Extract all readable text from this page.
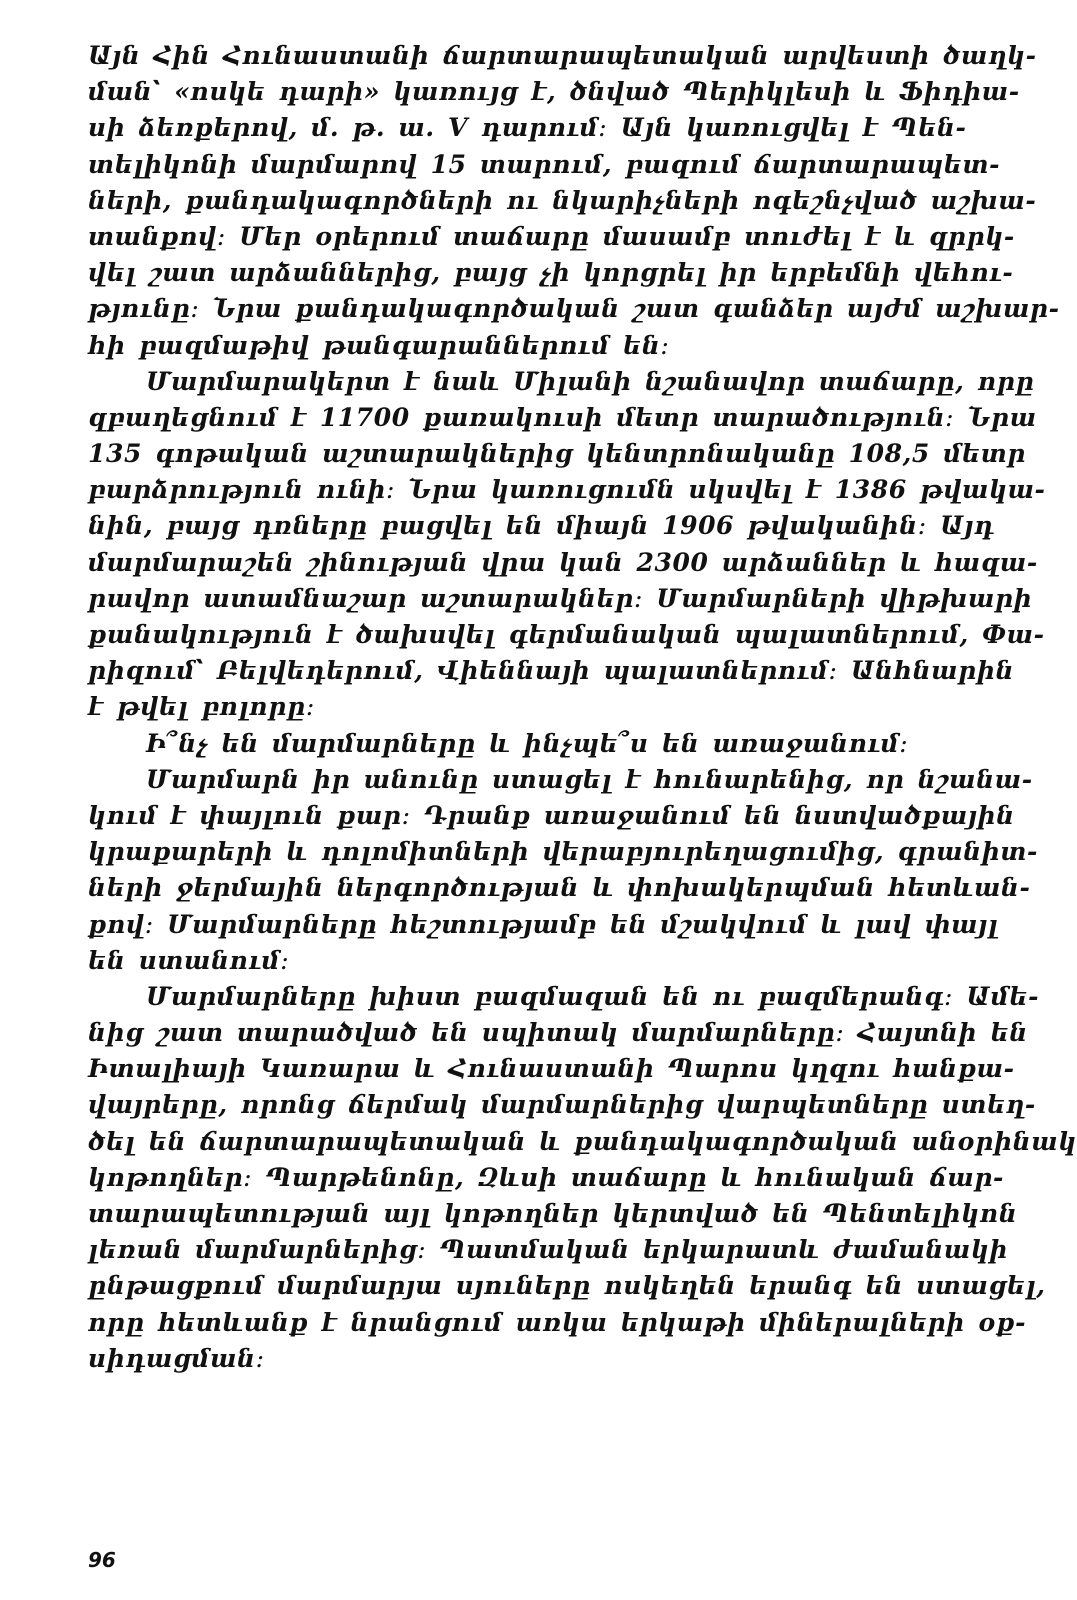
Այն Հին Հունաստանի ճարտարապետական արվեստի ծաղկ-
ման՝ «ոսկե դարի» կառույց է, ծնված Պերիկլեսի և Ֆիդիա-
սի ձեռքերով, մ. թ. ա. V դարում։ Այն կառուցվել է Պեն-
տելիկոնի մարմարով 15 տարում, բազում ճարտարապետ-
ների, քանդակագործների ու նկարիչների ոգեշնչված աշխա-
տանքով։ Մեր օրերում տաճարը մասամբ տուժել է և զրրկ-
վել շատ արձաններից, բայց չի կորցրել իր երբեմնի վեհու-
թյունը։ Նրա քանդակագործական շատ գանձեր այժմ աշխար-
հի բազմաթիվ թանգարաններում են։
Մարմարակերտ է նաև Միլանի նշանավոր տաճարը, որը
զբաղեցնում է 11700 քառակուսի մետր տարածություն։ Նրա
135 գոթական աշտարակներից կենտրոնականը 108,5 մետր
բարձրություն ունի։ Նրա կառուցումն սկսվել է 1386 թվակա-
նին, բայց դռները բացվել են միայն 1906 թվականին։ Այդ
մարմարաշեն շինության վրա կան 2300 արձաններ և հազա-
րավոր ատամնաշար աշտարակներ։ Մարմարների վիթխարի
քանակություն է ծախսվել գերմանական պալատներում, Փա-
րիզում՝ Բելվեդերում, Վիեննայի պալատներում։ Անհնարին
է թվել բոլորը։
Ի՞նչ են մարմարները և ինչպե՞ս են առաջանում։
Մարմարն իր անունը ստացել է հունարենից, որ նշանա-
կում է փայլուն քար։ Դրանք առաջանում են նստվածքային
կրաքարերի և դոլոմիտների վերաբյուրեղացումից, գրանիտ-
ների ջերմային ներգործության և փոխակերպման հետևան-
քով։ Մարմարները հեշտությամբ են մշակվում և լավ փայլ
են ստանում։
Մարմարները խիստ բազմազան են ու բազմերանգ։ Ամե-
նից շատ տարածված են սպիտակ մարմարները։ Հայտնի են
Իտալիայի Կառարա և Հունաստանի Պարոս կղզու հանքա-
վայրերը, որոնց ճերմակ մարմարներից վարպետները ստեղ-
ծել են ճարտարապետական և քանդակագործական անօրինակ
կոթողներ։ Պարթենոնը, Զևսի տաճարը և հունական ճար-
տարապետության այլ կոթողներ կերտված են Պենտելիկոն
լեռան մարմարներից։ Պատմական երկարատև ժամանակի
ընթացքում մարմարյա սյուները ոսկեղեն երանգ են ստացել,
որը հետևանք է նրանցում առկա երկաթի միներալների օք-
սիդացման։
96
